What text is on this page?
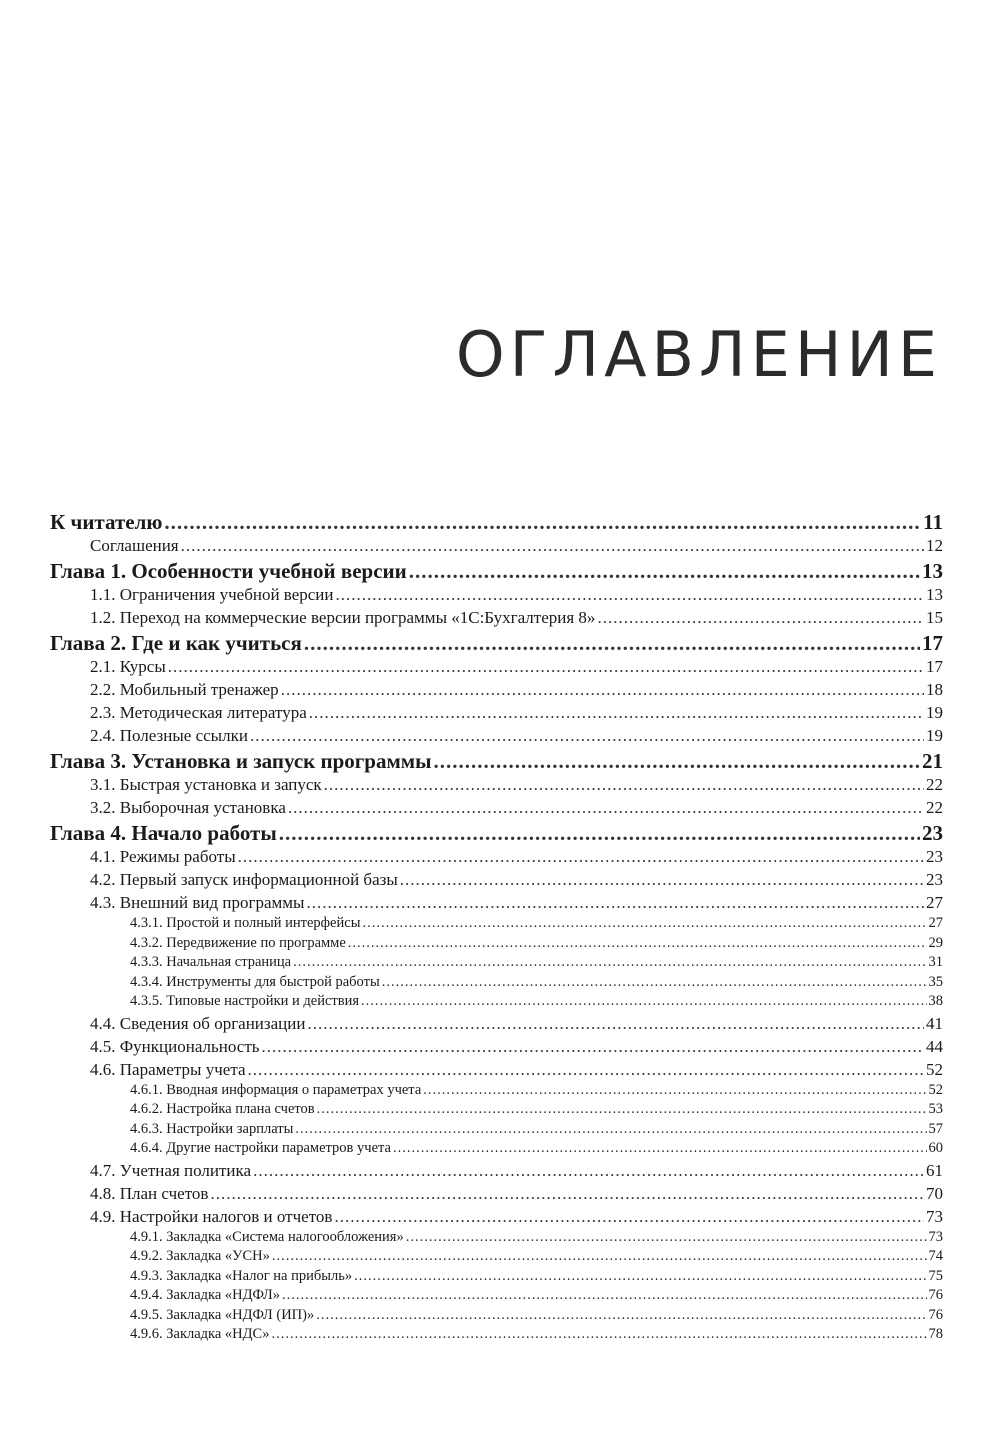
ОГЛАВЛЕНИЕ
К читателю .....	11
Соглашения .....	12
Глава 1. Особенности учебной версии .....	13
1.1. Ограничения учебной версии .....	13
1.2. Переход на коммерческие версии программы «1С:Бухгалтерия 8» .....	15
Глава 2. Где и как учиться .....	17
2.1. Курсы .....	17
2.2. Мобильный тренажер .....	18
2.3. Методическая литература .....	19
2.4. Полезные ссылки .....	19
Глава 3. Установка и запуск программы .....	21
3.1. Быстрая установка и запуск .....	22
3.2. Выборочная установка .....	22
Глава 4. Начало работы .....	23
4.1. Режимы работы .....	23
4.2. Первый запуск информационной базы .....	23
4.3. Внешний вид программы .....	27
4.3.1. Простой и полный интерфейсы .....	27
4.3.2. Передвижение по программе .....	29
4.3.3. Начальная страница .....	31
4.3.4. Инструменты для быстрой работы .....	35
4.3.5. Типовые настройки и действия .....	38
4.4. Сведения об организации .....	41
4.5. Функциональность .....	44
4.6. Параметры учета .....	52
4.6.1. Вводная информация о параметрах учета .....	52
4.6.2. Настройка плана счетов .....	53
4.6.3. Настройки зарплаты .....	57
4.6.4. Другие настройки параметров учета .....	60
4.7. Учетная политика .....	61
4.8. План счетов .....	70
4.9. Настройки налогов и отчетов .....	73
4.9.1. Закладка «Система налогообложения» .....	73
4.9.2. Закладка «УСН» .....	74
4.9.3. Закладка «Налог на прибыль» .....	75
4.9.4. Закладка «НДФЛ» .....	76
4.9.5. Закладка «НДФЛ (ИП)» .....	76
4.9.6. Закладка «НДС» .....	78
